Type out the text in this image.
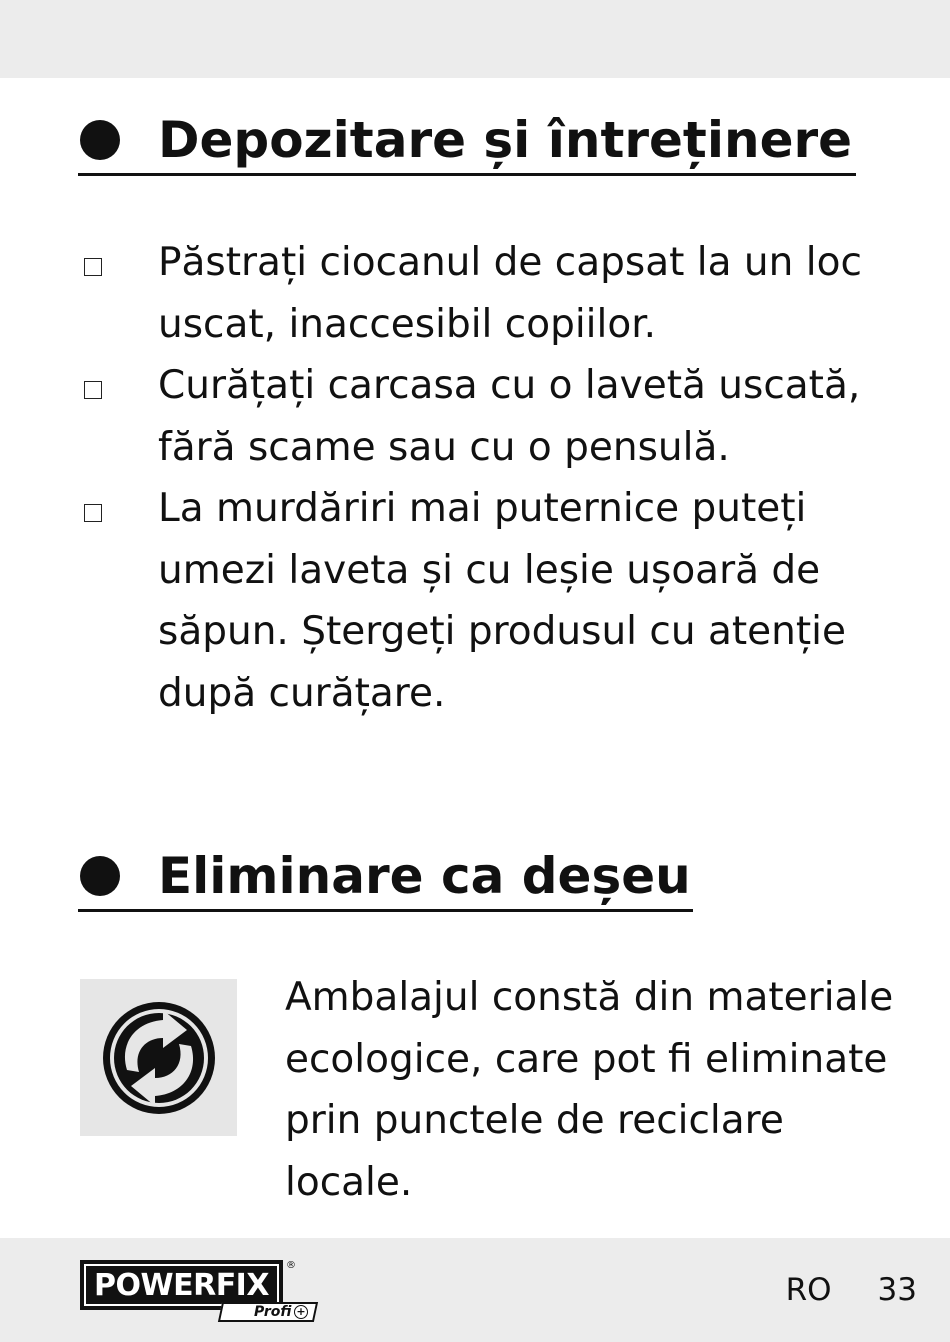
Depozitare și întreținere
Păstrați ciocanul de capsat la un loc uscat, inaccesibil copiilor.
Curățați carcasa cu o lavetă uscată, fără scame sau cu o pensulă.
La murdăriri mai puternice puteți umezi laveta și cu leșie ușoară de săpun. Ștergeți produsul cu atenție după curățare.
Eliminare ca deșeu

Ambalajul constă din materiale ecologice, care pot fi eliminate prin punctele de reciclare locale.

POWERFIX
®
Profi +
RO 33
